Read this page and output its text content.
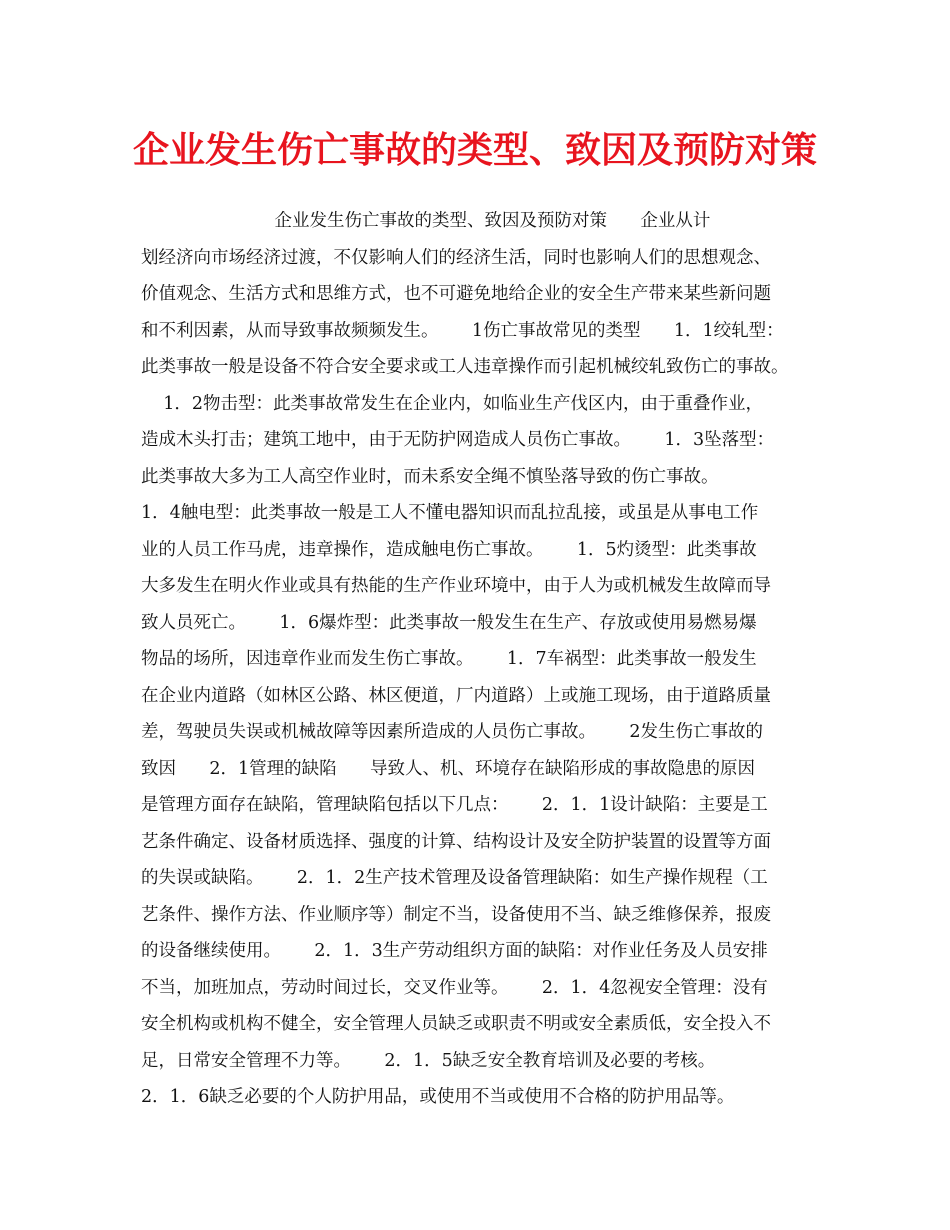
企业发生伤亡事故的类型、致因及预防对策
企业发生伤亡事故的类型、致因及预防对策      企业从计
划经济向市场经济过渡，不仅影响人们的经济生活，同时也影响人们的思想观念、
价值观念、生活方式和思维方式，也不可避免地给企业的安全生产带来某些新问题
和不利因素，从而导致事故频频发生。      1伤亡事故常见的类型      1．1绞轧型：
此类事故一般是设备不符合安全要求或工人违章操作而引起机械绞轧致伤亡的事故。
1．2物击型：此类事故常发生在企业内，如临业生产伐区内，由于重叠作业，
造成木头打击；建筑工地中，由于无防护网造成人员伤亡事故。      1．3坠落型：
此类事故大多为工人高空作业时，而未系安全绳不慎坠落导致的伤亡事故。
1．4触电型：此类事故一般是工人不懂电器知识而乱拉乱接，或虽是从事电工作
业的人员工作马虎，违章操作，造成触电伤亡事故。      1．5灼烫型：此类事故
大多发生在明火作业或具有热能的生产作业环境中，由于人为或机械发生故障而导
致人员死亡。      1．6爆炸型：此类事故一般发生在生产、存放或使用易燃易爆
物品的场所，因违章作业而发生伤亡事故。      1．7车祸型：此类事故一般发生
在企业内道路（如林区公路、林区便道，厂内道路）上或施工现场，由于道路质量
差，驾驶员失误或机械故障等因素所造成的人员伤亡事故。      2发生伤亡事故的
致因      2．1管理的缺陷      导致人、机、环境存在缺陷形成的事故隐患的原因
是管理方面存在缺陷，管理缺陷包括以下几点：      2．1．1设计缺陷：主要是工
艺条件确定、设备材质选择、强度的计算、结构设计及安全防护装置的设置等方面
的失误或缺陷。      2．1．2生产技术管理及设备管理缺陷：如生产操作规程（工
艺条件、操作方法、作业顺序等）制定不当，设备使用不当、缺乏维修保养，报废
的设备继续使用。      2．1．3生产劳动组织方面的缺陷：对作业任务及人员安排
不当，加班加点，劳动时间过长，交叉作业等。      2．1．4忽视安全管理：没有
安全机构或机构不健全，安全管理人员缺乏或职责不明或安全素质低，安全投入不
足，日常安全管理不力等。      2．1．5缺乏安全教育培训及必要的考核。
2．1．6缺乏必要的个人防护用品，或使用不当或使用不合格的防护用品等。
